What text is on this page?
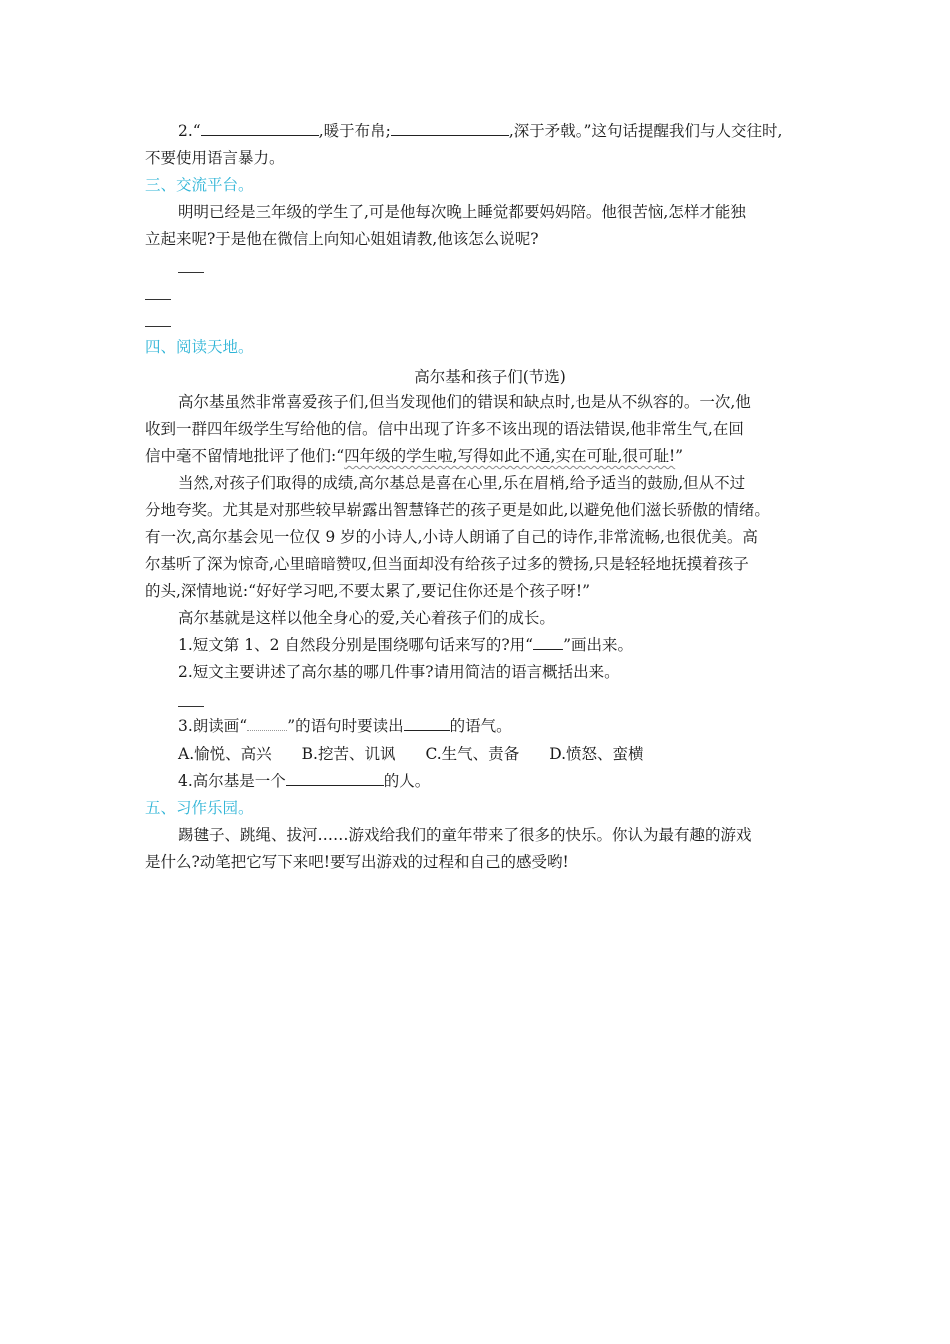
2.“	,暖于布帛;	,深于矛戟。”这句话提醒我们与人交往时,
不要使用语言暴力。
三、交流平台。
明明已经是三年级的学生了,可是他每次晚上睡觉都要妈妈陪。他很苦恼,怎样才能独
立起来呢?于是他在微信上向知心姐姐请教,他该怎么说呢?
四、阅读天地。
高尔基和孩子们(节选)
高尔基虽然非常喜爱孩子们,但当发现他们的错误和缺点时,也是从不纵容的。一次,他
收到一群四年级学生写给他的信。信中出现了许多不该出现的语法错误,他非常生气,在回
信中毫不留情地批评了他们:“四年级的学生啦,写得如此不通,实在可耻,很可耻!”
当然,对孩子们取得的成绩,高尔基总是喜在心里,乐在眉梢,给予适当的鼓励,但从不过
分地夸奖。尤其是对那些较早崭露出智慧锋芒的孩子更是如此,以避免他们滋长骄傲的情绪。
有一次,高尔基会见一位仅 9 岁的小诗人,小诗人朗诵了自己的诗作,非常流畅,也很优美。高
尔基听了深为惊奇,心里暗暗赞叹,但当面却没有给孩子过多的赞扬,只是轻轻地抚摸着孩子
的头,深情地说:“好好学习吧,不要太累了,要记住你还是个孩子呀!”
高尔基就是这样以他全身心的爱,关心着孩子们的成长。
1.短文第 1、2 自然段分别是围绕哪句话来写的?用“ ”画出来。
2.短文主要讲述了高尔基的哪几件事?请用简洁的语言概括出来。
3.朗读画“	”的语句时要读出	的语气。
A.愉悦、高兴 B.挖苦、讥讽 C.生气、责备 D.愤怒、蛮横
4.高尔基是一个	的人。
五、习作乐园。
踢毽子、跳绳、拔河……游戏给我们的童年带来了很多的快乐。你认为最有趣的游戏
是什么?动笔把它写下来吧!要写出游戏的过程和自己的感受哟!
